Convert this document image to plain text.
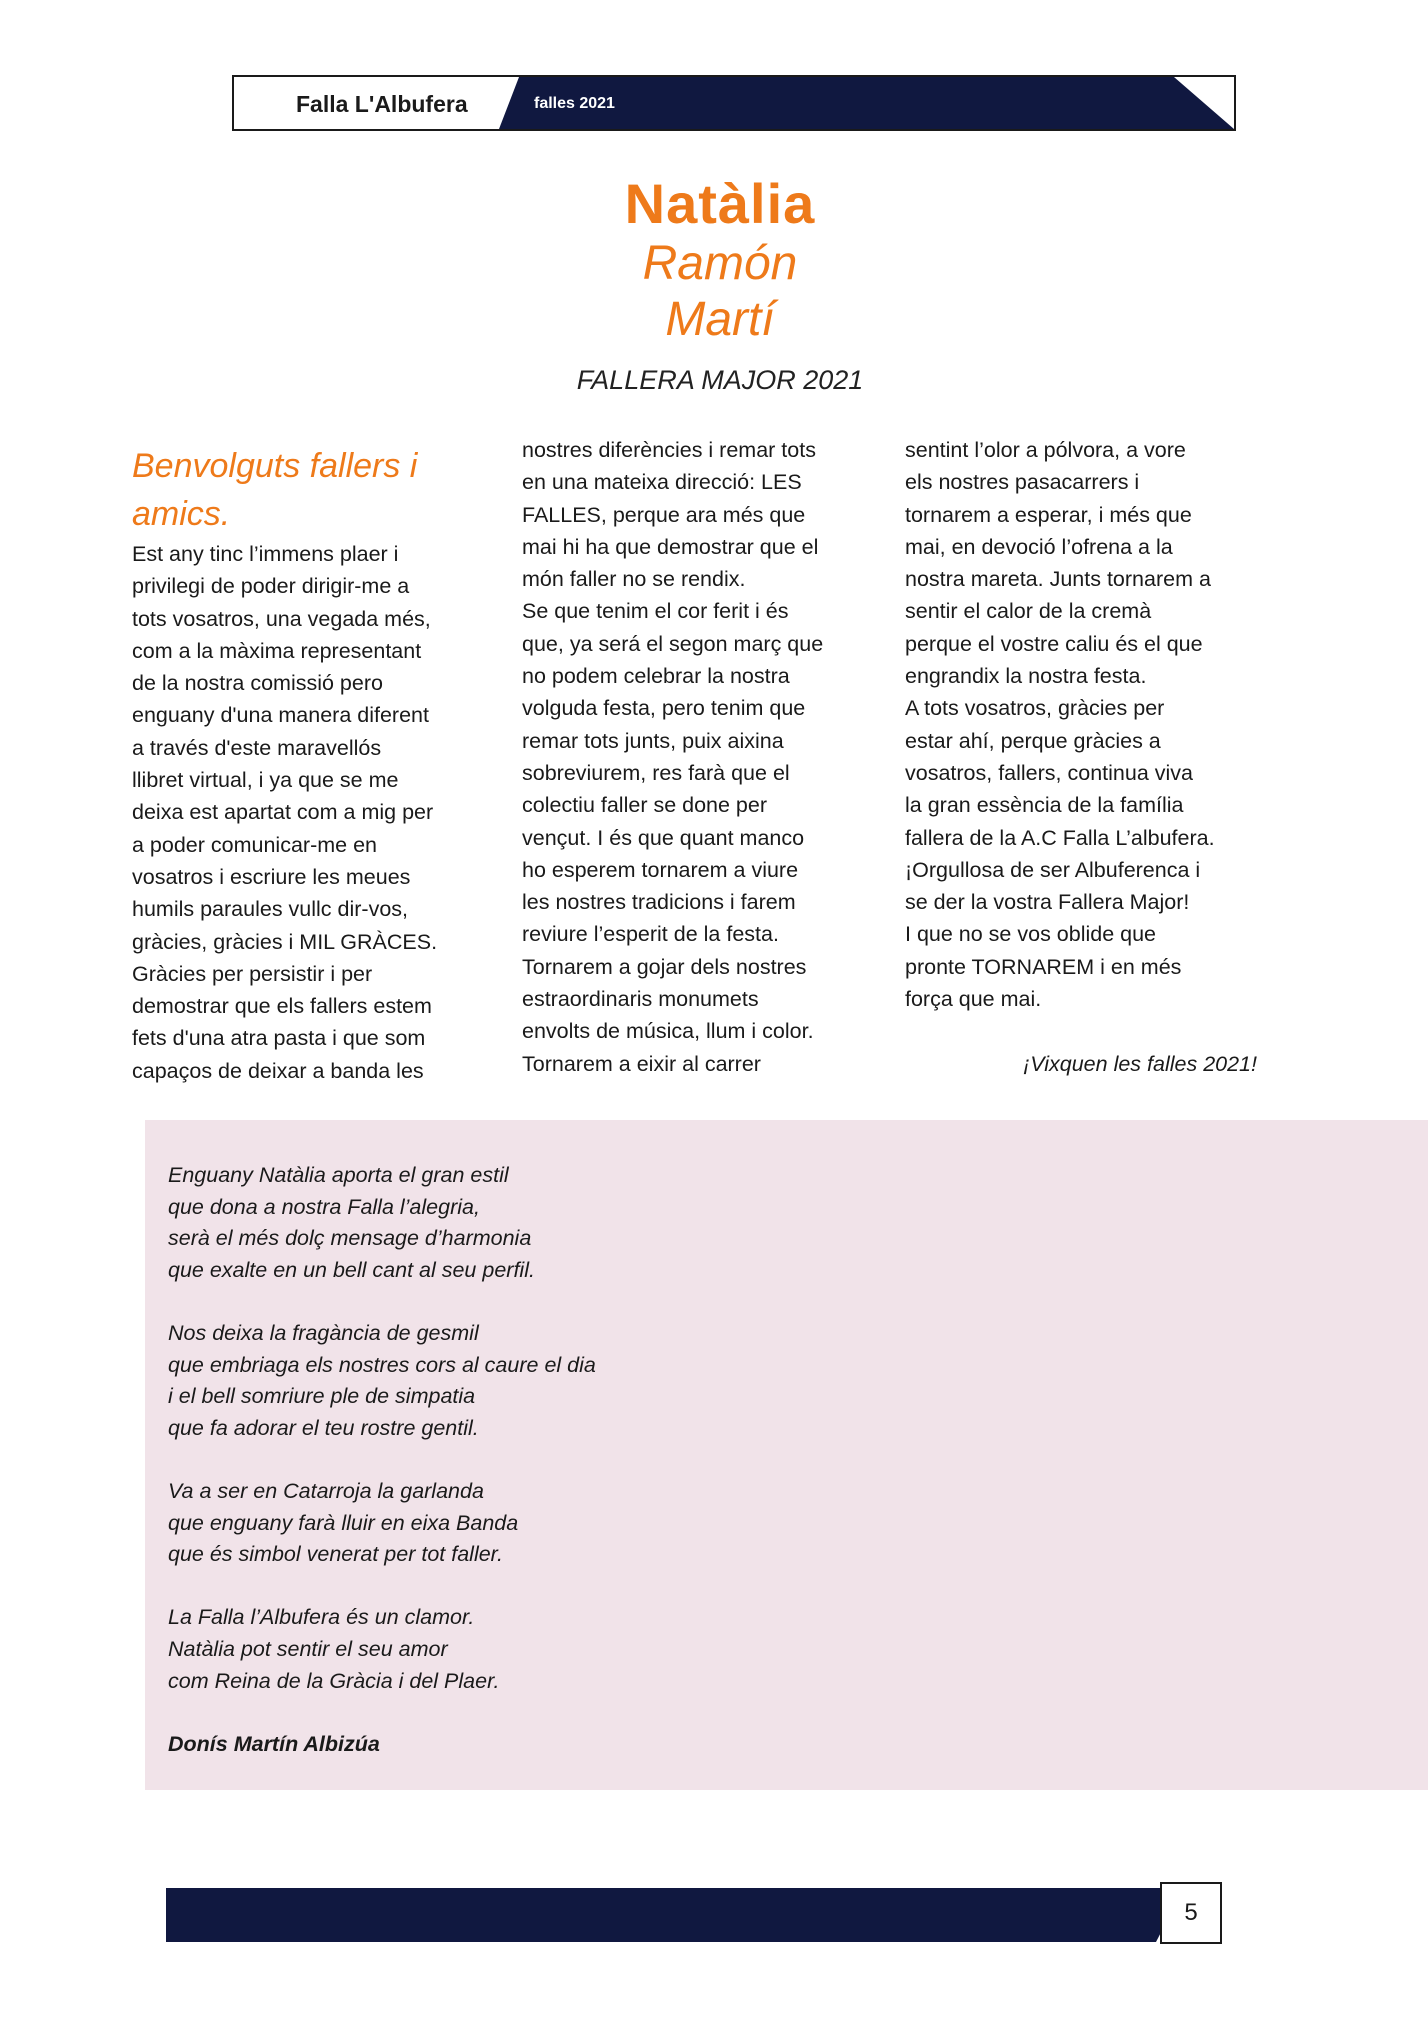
Falla L'Albufera	falles 2021
Natàlia
Ramón
Martí
FALLERA MAJOR 2021
Benvolguts fallers i amics.

Est any tinc l’immens plaer i

privilegi de poder dirigir-me a

tots vosatros, una vegada més,

com a la màxima representant

de la nostra comissió pero

enguany d'una manera diferent

a través d'este maravellós

llibret virtual, i ya que se me

deixa est apartat com a mig per

a poder comunicar-me en

vosatros i escriure les meues

humils paraules vullc dir-vos,

gràcies, gràcies i MIL GRÀCES.

Gràcies per persistir i per

demostrar que els fallers estem

fets d'una atra pasta i que som

capaços de deixar a banda les

nostres diferències i remar tots

en una mateixa direcció: LES

FALLES, perque ara més que

mai hi ha que demostrar que el

món faller no se rendix.

Se que tenim el cor ferit i és

que, ya será el segon març que

no podem celebrar la nostra

volguda festa, pero tenim que

remar tots junts, puix aixina

sobreviurem, res farà que el

colectiu faller se done per

vençut. I és que quant manco

ho esperem tornarem a viure

les nostres tradicions i farem

reviure l’esperit de la festa.

Tornarem a gojar dels nostres

estraordinaris monumets

envolts de música, llum i color.

Tornarem a eixir al carrer

sentint l’olor a pólvora, a vore

els nostres pasacarrers i

tornarem a esperar, i més que

mai, en devoció l’ofrena a la

nostra mareta. Junts tornarem a

sentir el calor de la cremà

perque el vostre caliu és el que

engrandix la nostra festa.

A tots vosatros, gràcies per

estar ahí, perque gràcies a

vosatros, fallers, continua viva

la gran essència de la família

fallera de la A.C Falla L’albufera.

¡Orgullosa de ser Albuferenca i

se der la vostra Fallera Major!

I que no se vos oblide que

pronte TORNAREM i en més

força que mai.

¡Vixquen les falles 2021!
Enguany Natàlia aporta el gran estil
que dona a nostra Falla l’alegria,
serà el més dolç mensage d’harmonia
que exalte en un bell cant al seu perfil.
Nos deixa la fragància de gesmil
que embriaga els nostres cors al caure el dia
i el bell somriure ple de simpatia
que fa adorar el teu rostre gentil.
Va a ser en Catarroja la garlanda
que enguany farà lluir en eixa Banda
que és simbol venerat per tot faller.
La Falla l’Albufera és un clamor.
Natàlia pot sentir el seu amor
com Reina de la Gràcia i del Plaer.
Donís Martín Albizúa
5
